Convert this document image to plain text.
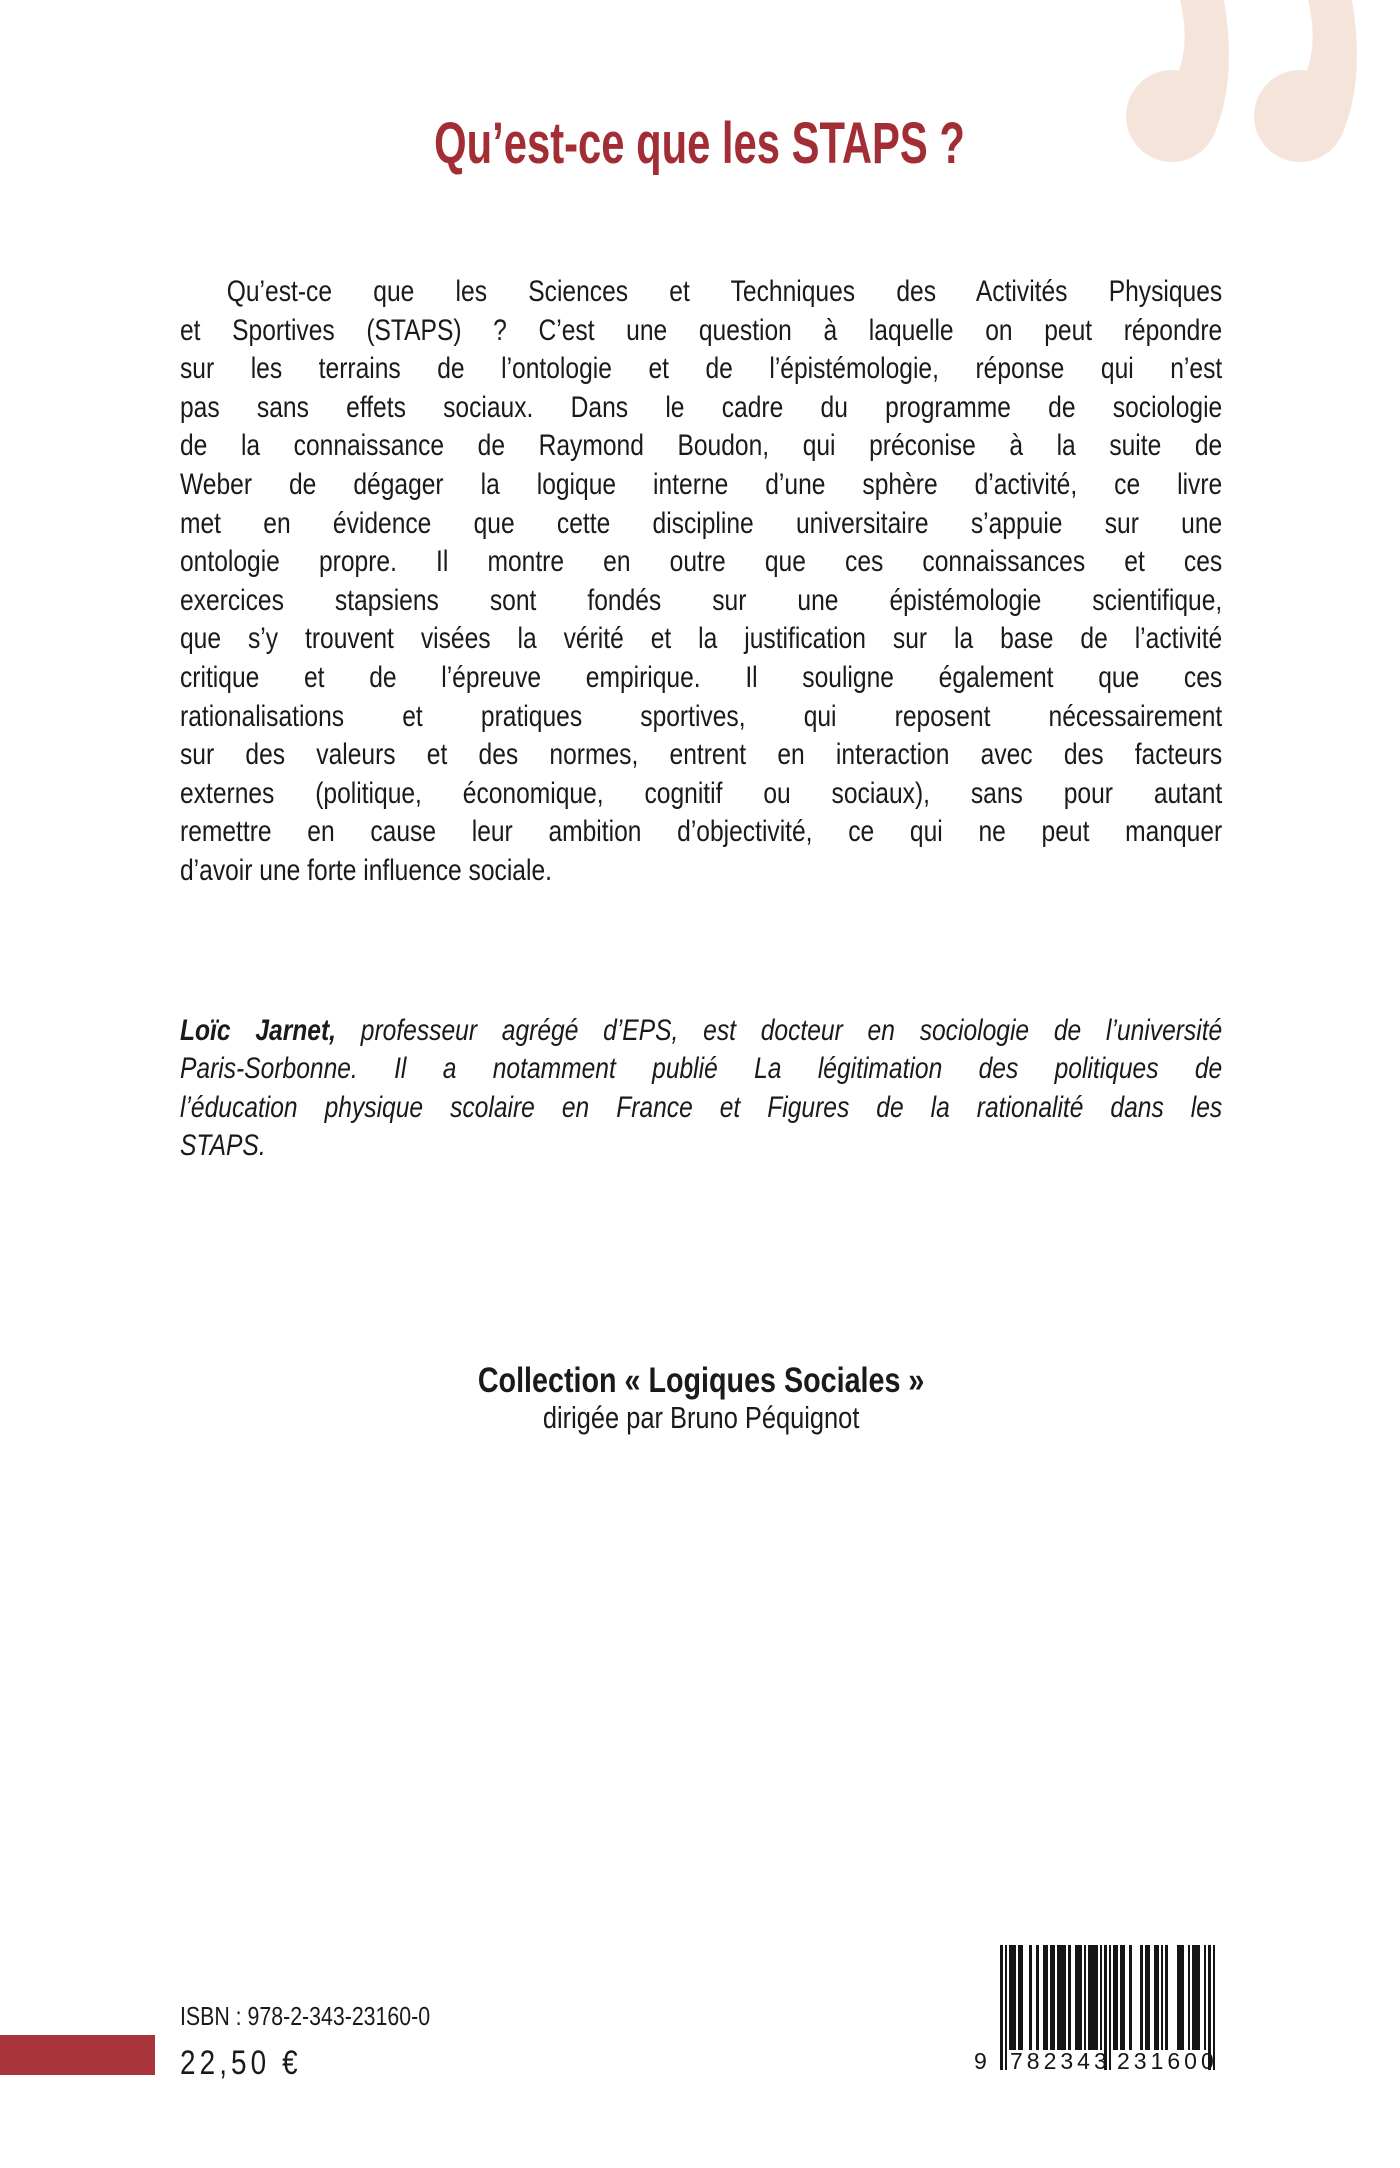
Qu’est-ce que les STAPS ?
Qu’est-ce que les Sciences et Techniques des Activités Physiques
et Sportives (STAPS) ? C’est une question à laquelle on peut répondre
sur les terrains de l’ontologie et de l’épistémologie, réponse qui n’est
pas sans effets sociaux. Dans le cadre du programme de sociologie
de la connaissance de Raymond Boudon, qui préconise à la suite de
Weber de dégager la logique interne d’une sphère d’activité, ce livre
met en évidence que cette discipline universitaire s’appuie sur une
ontologie propre. Il montre en outre que ces connaissances et ces
exercices stapsiens sont fondés sur une épistémologie scientifique,
que s’y trouvent visées la vérité et la justification sur la base de l’activité
critique et de l’épreuve empirique. Il souligne également que ces
rationalisations et pratiques sportives, qui reposent nécessairement
sur des valeurs et des normes, entrent en interaction avec des facteurs
externes (politique, économique, cognitif ou sociaux), sans pour autant
remettre en cause leur ambition d’objectivité, ce qui ne peut manquer
d’avoir une forte influence sociale.
Loïc Jarnet, professeur agrégé d’EPS, est docteur en sociologie de l’université
Paris-Sorbonne. Il a notamment publié La légitimation des politiques de
l’éducation physique scolaire en France et Figures de la rationalité dans les
STAPS.
Collection « Logiques Sociales »
dirigée par Bruno Péquignot
ISBN : 978-2-343-23160-0
22,50 €	9 782343 231600
